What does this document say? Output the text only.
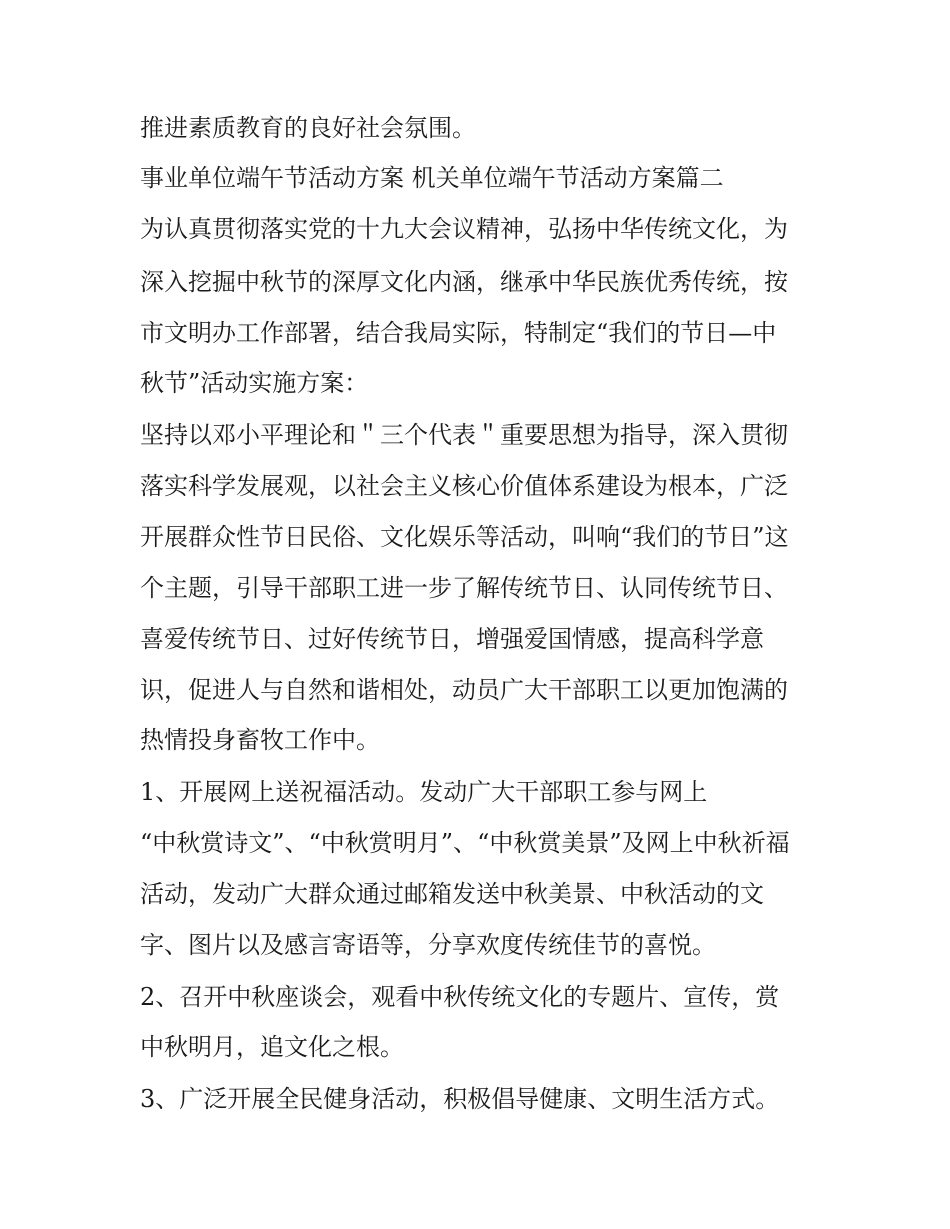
推进素质教育的良好社会氛围。
事业单位端午节活动方案 机关单位端午节活动方案篇二
为认真贯彻落实党的十九大会议精神，弘扬中华传统文化，为
深入挖掘中秋节的深厚文化内涵，继承中华民族优秀传统，按
市文明办工作部署，结合我局实际，特制定“我们的节日—中
秋节”活动实施方案：
坚持以邓小平理论和＂三个代表＂重要思想为指导，深入贯彻
落实科学发展观，以社会主义核心价值体系建设为根本，广泛
开展群众性节日民俗、文化娱乐等活动，叫响“我们的节日”这
个主题，引导干部职工进一步了解传统节日、认同传统节日、
喜爱传统节日、过好传统节日，增强爱国情感，提高科学意
识，促进人与自然和谐相处，动员广大干部职工以更加饱满的
热情投身畜牧工作中。
1、开展网上送祝福活动。发动广大干部职工参与网上
“中秋赏诗文”、“中秋赏明月”、“中秋赏美景”及网上中秋祈福
活动，发动广大群众通过邮箱发送中秋美景、中秋活动的文
字、图片以及感言寄语等，分享欢度传统佳节的喜悦。
2、召开中秋座谈会，观看中秋传统文化的专题片、宣传，赏
中秋明月，追文化之根。
3、广泛开展全民健身活动，积极倡导健康、文明生活方式。
